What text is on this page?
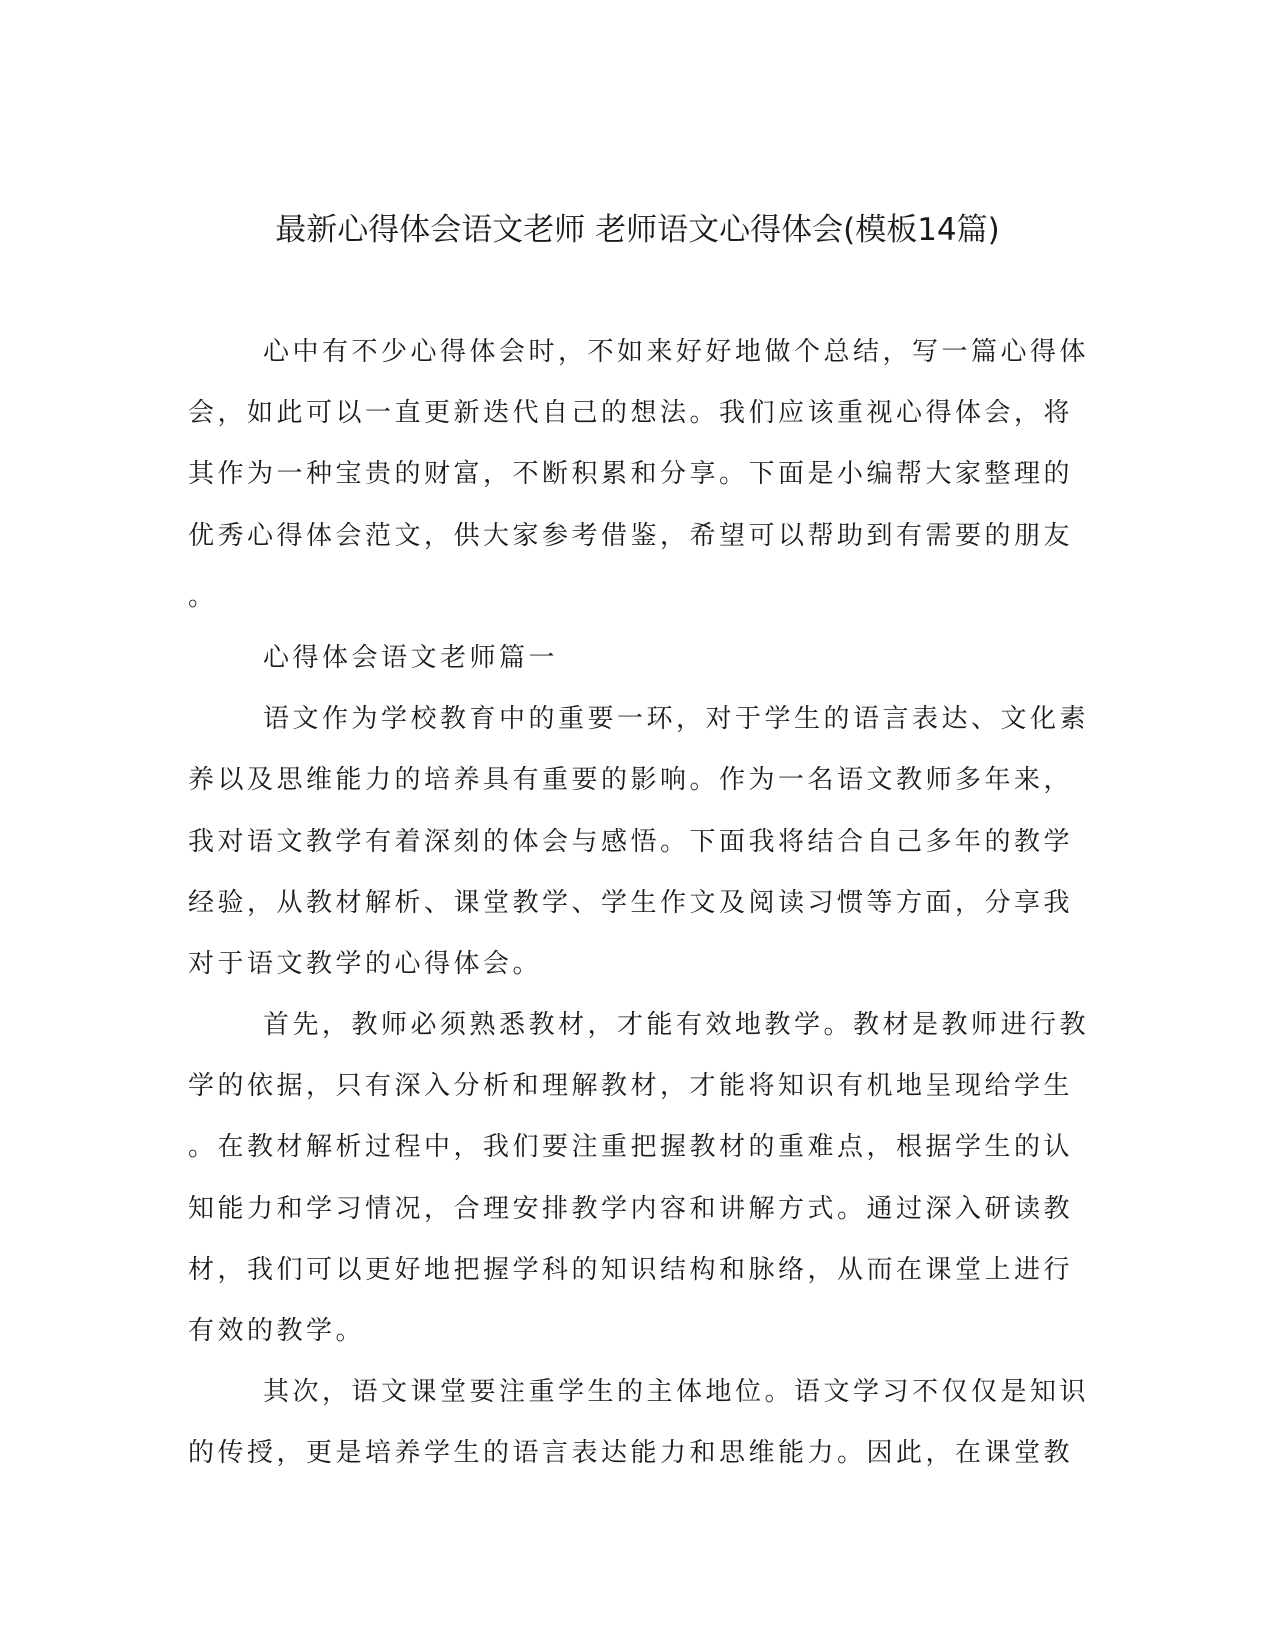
最新心得体会语文老师 老师语文心得体会(模板14篇)
心中有不少心得体会时，不如来好好地做个总结，写一篇心得体
会，如此可以一直更新迭代自己的想法。我们应该重视心得体会，将
其作为一种宝贵的财富，不断积累和分享。下面是小编帮大家整理的
优秀心得体会范文，供大家参考借鉴，希望可以帮助到有需要的朋友
。
心得体会语文老师篇一
语文作为学校教育中的重要一环，对于学生的语言表达、文化素
养以及思维能力的培养具有重要的影响。作为一名语文教师多年来，
我对语文教学有着深刻的体会与感悟。下面我将结合自己多年的教学
经验，从教材解析、课堂教学、学生作文及阅读习惯等方面，分享我
对于语文教学的心得体会。
首先，教师必须熟悉教材，才能有效地教学。教材是教师进行教
学的依据，只有深入分析和理解教材，才能将知识有机地呈现给学生
。在教材解析过程中，我们要注重把握教材的重难点，根据学生的认
知能力和学习情况，合理安排教学内容和讲解方式。通过深入研读教
材，我们可以更好地把握学科的知识结构和脉络，从而在课堂上进行
有效的教学。
其次，语文课堂要注重学生的主体地位。语文学习不仅仅是知识
的传授，更是培养学生的语言表达能力和思维能力。因此，在课堂教
